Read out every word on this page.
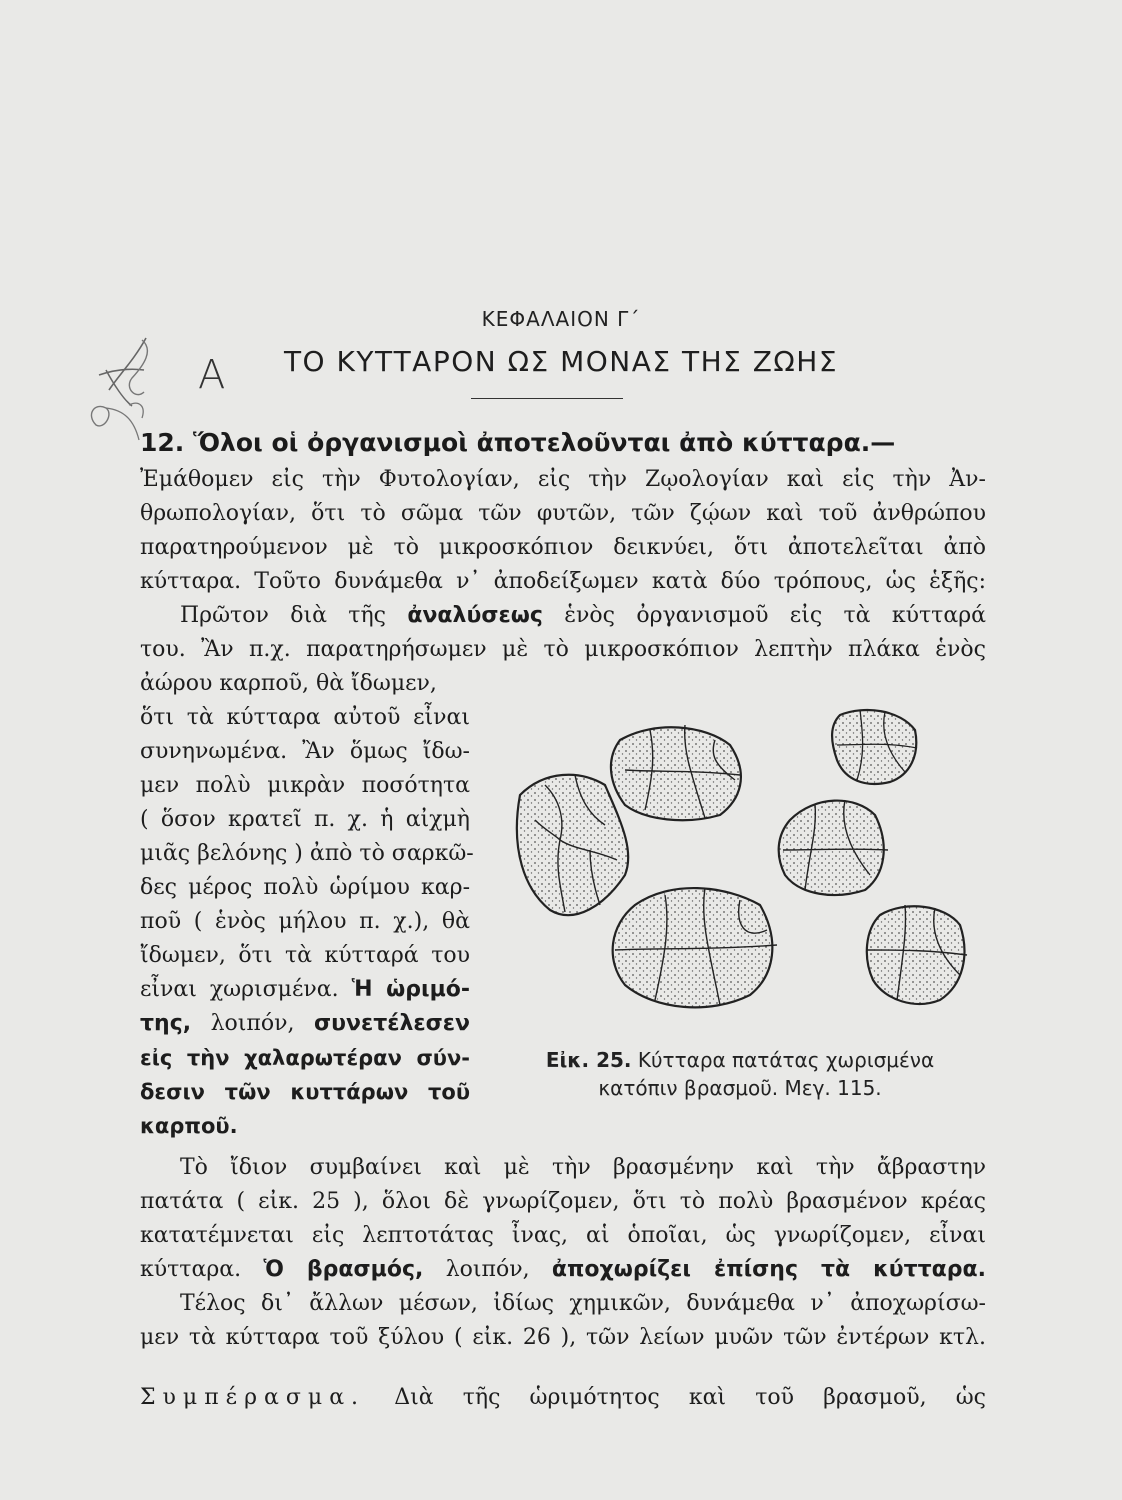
ΚΕΦΑΛΑΙΟΝ Γ΄
ΤΟ ΚΥΤΤΑΡΟΝ ΩΣ ΜΟΝΑΣ ΤΗΣ ΖΩΗΣ
Α
12. Ὅλοι οἱ ὀργανισμοὶ ἀποτελοῦνται ἀπὸ κύτταρα.—
Ἐμάθομεν εἰς τὴν Φυτολογίαν, εἰς τὴν Ζῳολογίαν καὶ εἰς τὴν Ἀν-
θρωπολογίαν, ὅτι τὸ σῶμα τῶν φυτῶν, τῶν ζῴων καὶ τοῦ ἀνθρώπου
παρατηρούμενον μὲ τὸ μικροσκόπιον δεικνύει, ὅτι ἀποτελεῖται ἀπὸ
κύτταρα. Τοῦτο δυνάμεθα ν᾿ ἀποδείξωμεν κατὰ δύο τρόπους, ὡς ἑξῆς:
Πρῶτον διὰ τῆς ἀναλύσεως ἑνὸς ὀργανισμοῦ εἰς τὰ κύτταρά
του. Ἂν π.χ. παρατηρήσωμεν μὲ τὸ μικροσκόπιον λεπτὴν πλάκα ἑνὸς
ἀώρου καρποῦ, θὰ ἴδωμεν,
ὅτι τὰ κύτταρα αὐτοῦ εἶναι
συνηνωμένα. Ἂν ὅμως ἴδω-
μεν πολὺ μικρὰν ποσότητα
( ὅσον κρατεῖ π. χ. ἡ αἰχμὴ
μιᾶς βελόνης ) ἀπὸ τὸ σαρκῶ-
δες μέρος πολὺ ὡρίμου καρ-
ποῦ ( ἑνὸς μήλου π. χ.), θὰ
ἴδωμεν, ὅτι τὰ κύτταρά του
εἶναι χωρισμένα. Ἡ ὡριμό-
της, λοιπόν, συνετέλεσεν
εἰς τὴν χαλαρωτέραν σύν-
δεσιν τῶν κυττάρων τοῦ
καρποῦ.
Εἰκ. 25. Κύτταρα πατάτας χωρισμένα
κατόπιν βρασμοῦ. Μεγ. 115.
Τὸ ἴδιον συμβαίνει καὶ μὲ τὴν βρασμένην καὶ τὴν ἄβραστην
πατάτα ( εἰκ. 25 ), ὅλοι δὲ γνωρίζομεν, ὅτι τὸ πολὺ βρασμένον κρέας
κατατέμνεται εἰς λεπτοτάτας ἶνας, αἱ ὁποῖαι, ὡς γνωρίζομεν, εἶναι
κύτταρα. Ὁ βρασμός, λοιπόν, ἀποχωρίζει ἐπίσης τὰ κύτταρα.
Τέλος δι᾿ ἄλλων μέσων, ἰδίως χημικῶν, δυνάμεθα ν᾿ ἀποχωρίσω-
μεν τὰ κύτταρα τοῦ ξύλου ( εἰκ. 26 ), τῶν λείων μυῶν τῶν ἐντέρων κτλ.
Συμπέρασμα. Διὰ τῆς ὡριμότητος καὶ τοῦ βρασμοῦ, ὡς
